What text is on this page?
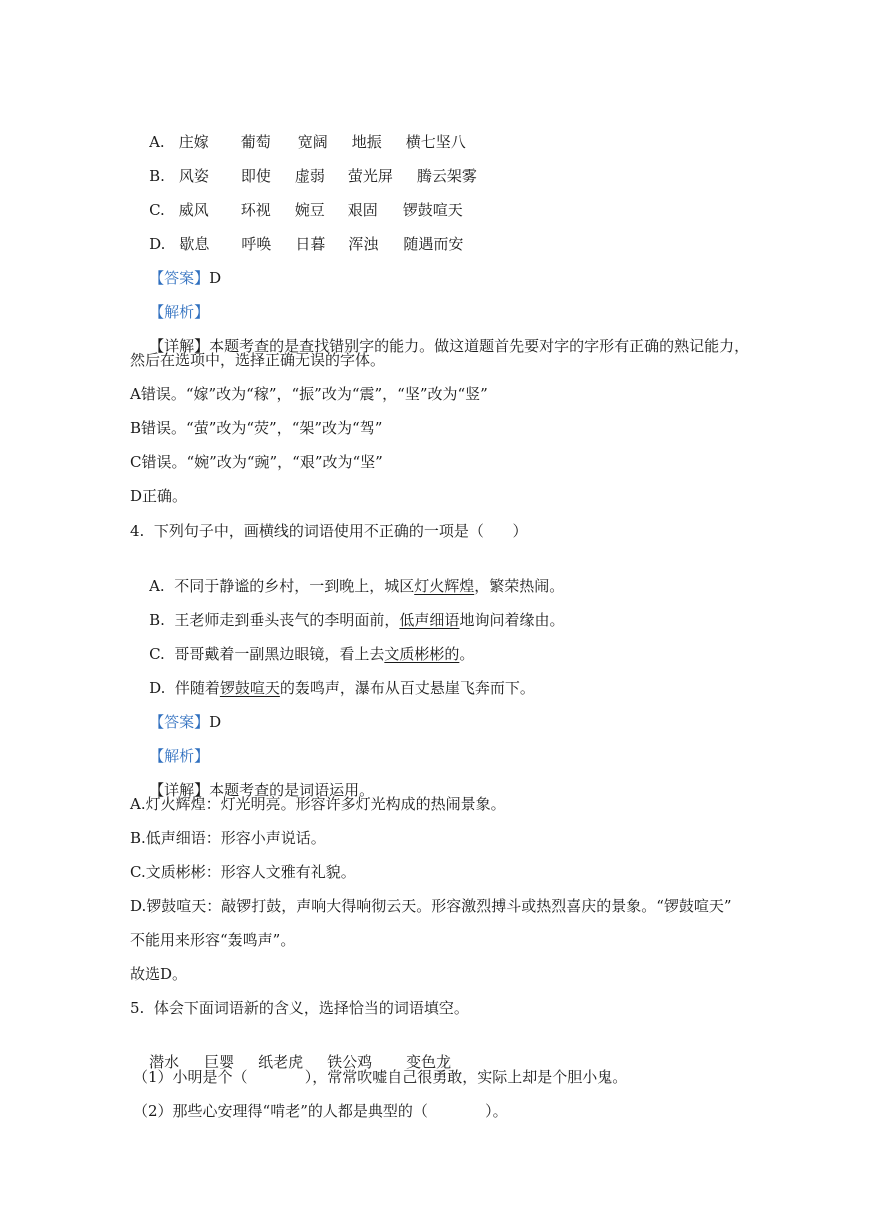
A. 庄嫁 葡萄 宽阔 地振 横七坚八

B. 风姿 即使 虚弱 萤光屏 腾云架雾

C. 威风 环视 婉豆 艰固 锣鼓喧天

D. 歇息 呼唤 日暮 浑浊 随遇而安

【答案】D

【解析】

【详解】本题考查的是查找错别字的能力。做这道题首先要对字的字形有正确的熟记能力，

然后在选项中，选择正确无误的字体。
A错误。“嫁”改为“稼”，“振”改为“震”，“坚”改为“竖”
B错误。“萤”改为“荧”，“架”改为“驾”
C错误。“婉”改为“豌”，“艰”改为“坚”
D正确。
4.  下列句子中，画横线的词语使用不正确的一项是（      ）

A.  不同于静谧的乡村，一到晚上，城区灯火辉煌，繁荣热闹。

B.  王老师走到垂头丧气的李明面前，低声细语地询问着缘由。

C.  哥哥戴着一副黑边眼镜，看上去文质彬彬的。

D.  伴随着锣鼓喧天的轰鸣声，瀑布从百丈悬崖飞奔而下。

【答案】D

【解析】

【详解】本题考查的是词语运用。

A.灯火辉煌：灯光明亮。形容许多灯光构成的热闹景象。
B.低声细语：形容小声说话。
C.文质彬彬：形容人文雅有礼貌。
D.锣鼓喧天：敲锣打鼓，声响大得响彻云天。形容激烈搏斗或热烈喜庆的景象。“锣鼓喧天”
不能用来形容“轰鸣声”。
故选D。
5.  体会下面词语新的含义，选择恰当的词语填空。

潜水 巨婴 纸老虎 铁公鸡 变色龙

（1）小明是个（            ），常常吹嘘自己很勇敢，实际上却是个胆小鬼。
（2）那些心安理得“啃老”的人都是典型的（            ）。
